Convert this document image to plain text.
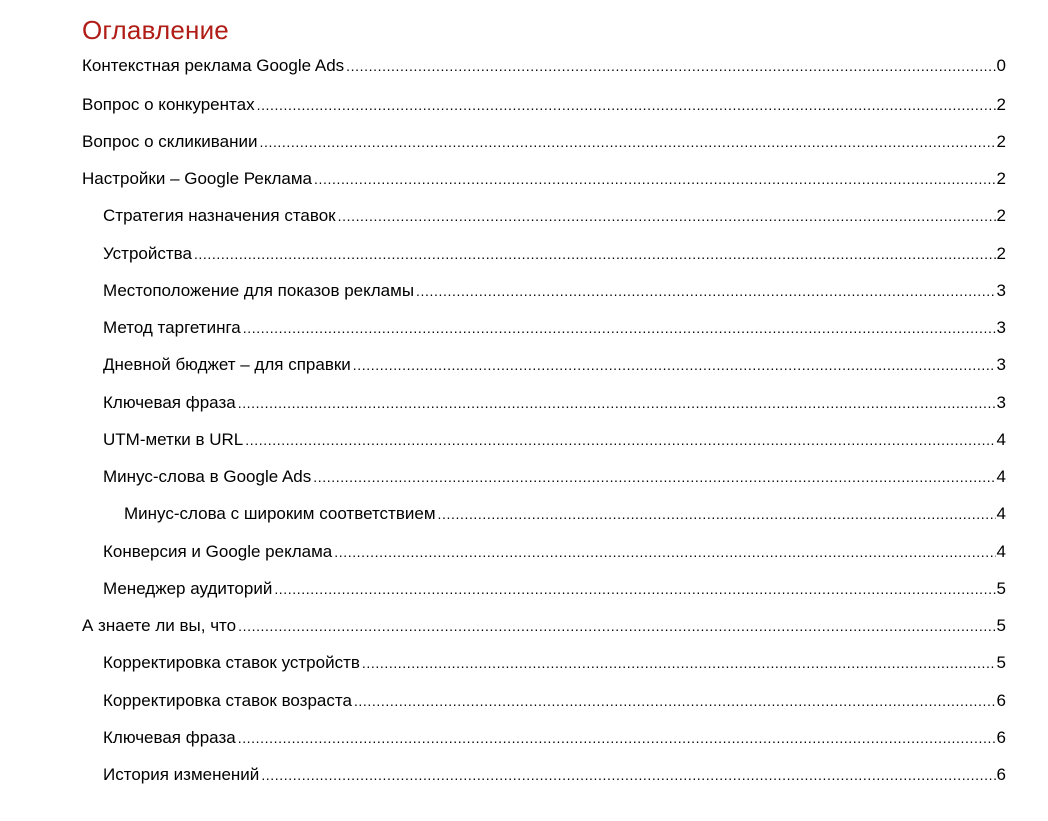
Оглавление
Контекстная реклама Google Ads .....	0
Вопрос о конкурентах .....	2
Вопрос о скликивании .....	2
Настройки – Google Реклама .....	2
Стратегия назначения ставок .....	2
Устройства .....	2
Местоположение для показов рекламы .....	3
Метод таргетинга .....	3
Дневной бюджет – для справки .....	3
Ключевая фраза .....	3
UTM-метки в URL .....	4
Минус-слова в Google Ads .....	4
Минус-слова с широким соответствием .....	4
Конверсия и Google реклама .....	4
Менеджер аудиторий .....	5
А знаете ли вы, что .....	5
Корректировка ставок устройств .....	5
Корректировка ставок возраста .....	6
Ключевая фраза .....	6
История изменений .....	6
